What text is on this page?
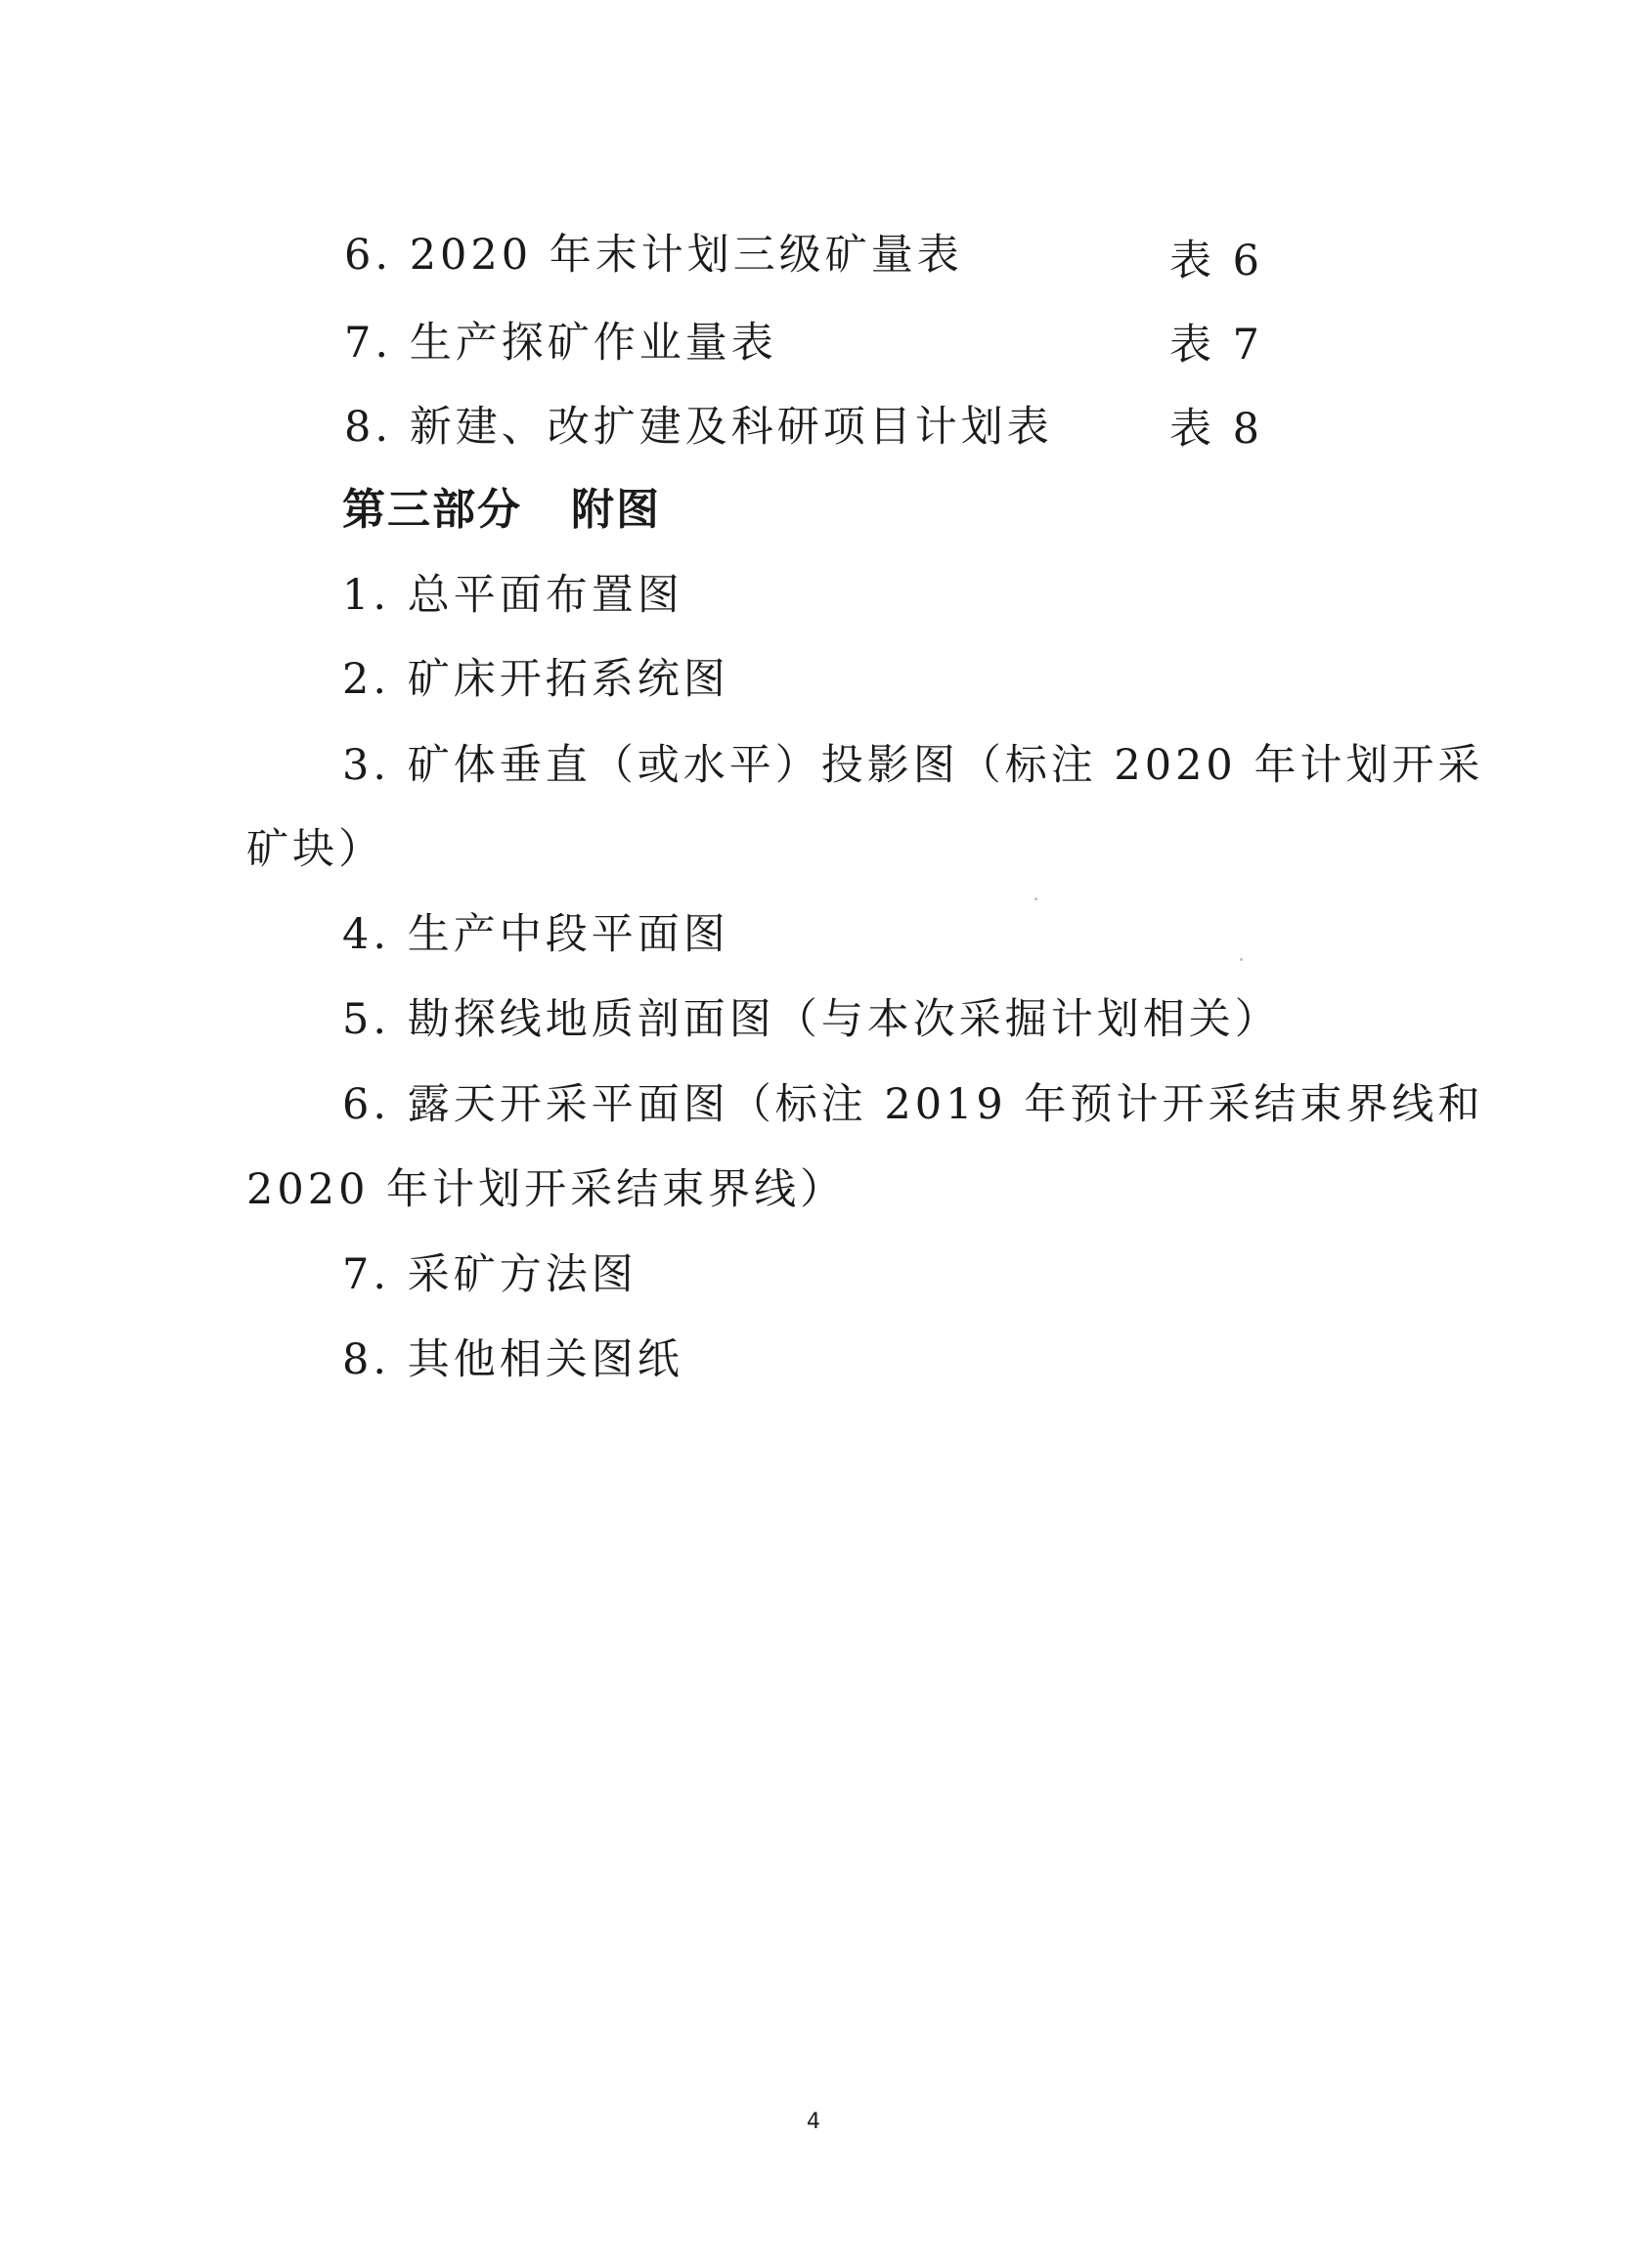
6. 2020 年末计划三级矿量表	表 6
7. 生产探矿作业量表	表 7
8. 新建、改扩建及科研项目计划表	表 8
第三部分 附图
1. 总平面布置图
2. 矿床开拓系统图
3. 矿体垂直（或水平）投影图（标注 2020 年计划开采
矿块）
4. 生产中段平面图
5. 勘探线地质剖面图（与本次采掘计划相关）
6. 露天开采平面图（标注 2019 年预计开采结束界线和
2020 年计划开采结束界线）
7. 采矿方法图
8. 其他相关图纸
4
